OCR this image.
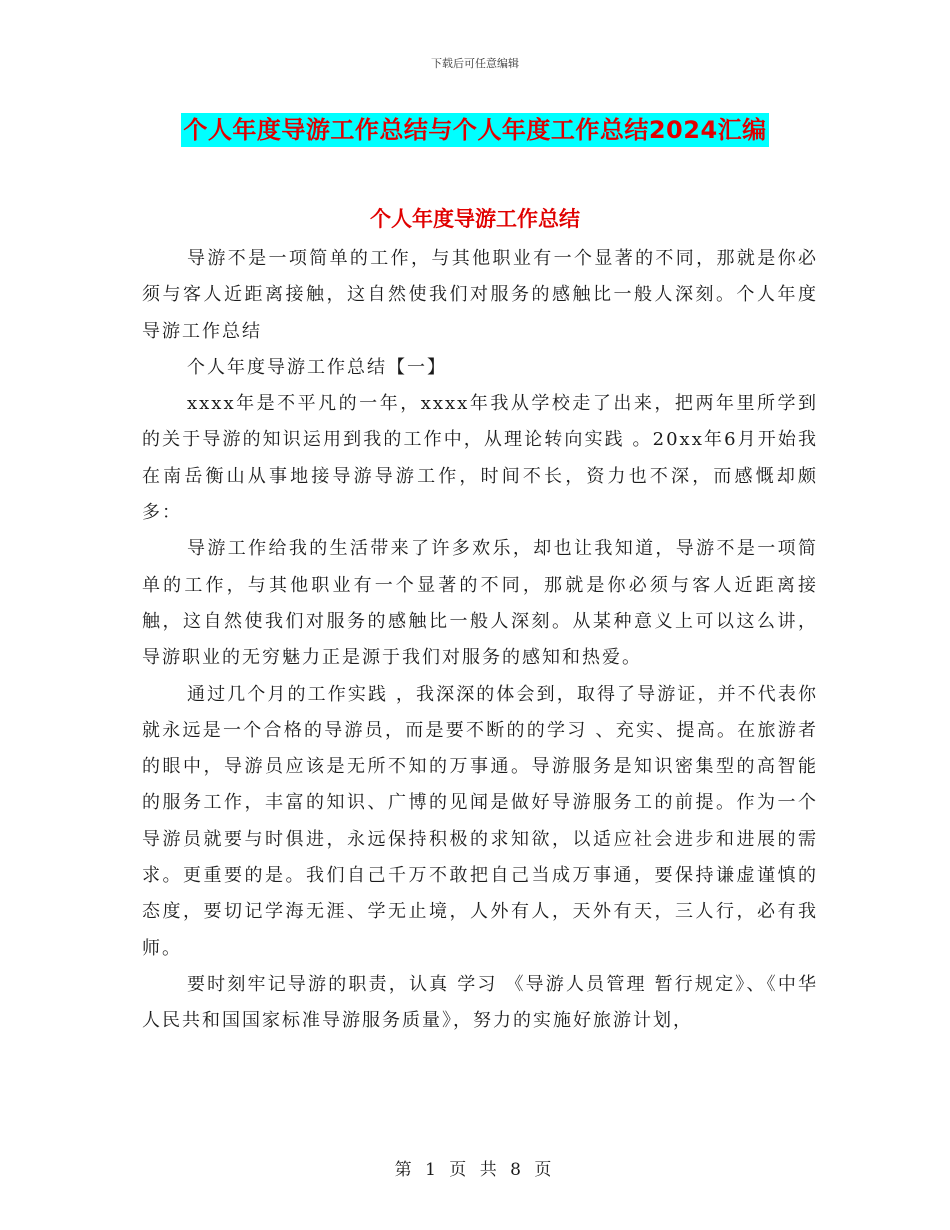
下载后可任意编辑
个人年度导游工作总结与个人年度工作总结2024汇编
个人年度导游工作总结

导游不是一项简单的工作，与其他职业有一个显著的不同，那就是你必须与客人近距离接触，这自然使我们对服务的感触比一般人深刻。个人年度导游工作总结

个人年度导游工作总结【一】

xxxx年是不平凡的一年，xxxx年我从学校走了出来，把两年里所学到的关于导游的知识运用到我的工作中，从理论转向实践 。20xx年6月开始我在南岳衡山从事地接导游导游工作，时间不长，资力也不深，而感慨却颇多：

导游工作给我的生活带来了许多欢乐，却也让我知道，导游不是一项简单的工作，与其他职业有一个显著的不同，那就是你必须与客人近距离接触，这自然使我们对服务的感触比一般人深刻。从某种意义上可以这么讲，导游职业的无穷魅力正是源于我们对服务的感知和热爱。

通过几个月的工作实践 ，我深深的体会到，取得了导游证，并不代表你就永远是一个合格的导游员，而是要不断的的学习 、充实、提高。在旅游者的眼中，导游员应该是无所不知的万事通。导游服务是知识密集型的高智能的服务工作，丰富的知识、广博的见闻是做好导游服务工的前提。作为一个导游员就要与时俱进，永远保持积极的求知欲，以适应社会进步和进展的需求。更重要的是。我们自己千万不敢把自己当成万事通，要保持谦虚谨慎的态度，要切记学海无涯、学无止境，人外有人，天外有天，三人行，必有我师。

要时刻牢记导游的职责，认真 学习 《导游人员管理 暂行规定》、《中华人民共和国国家标准导游服务质量》，努力的实施好旅游计划，

第 1 页 共 8 页
